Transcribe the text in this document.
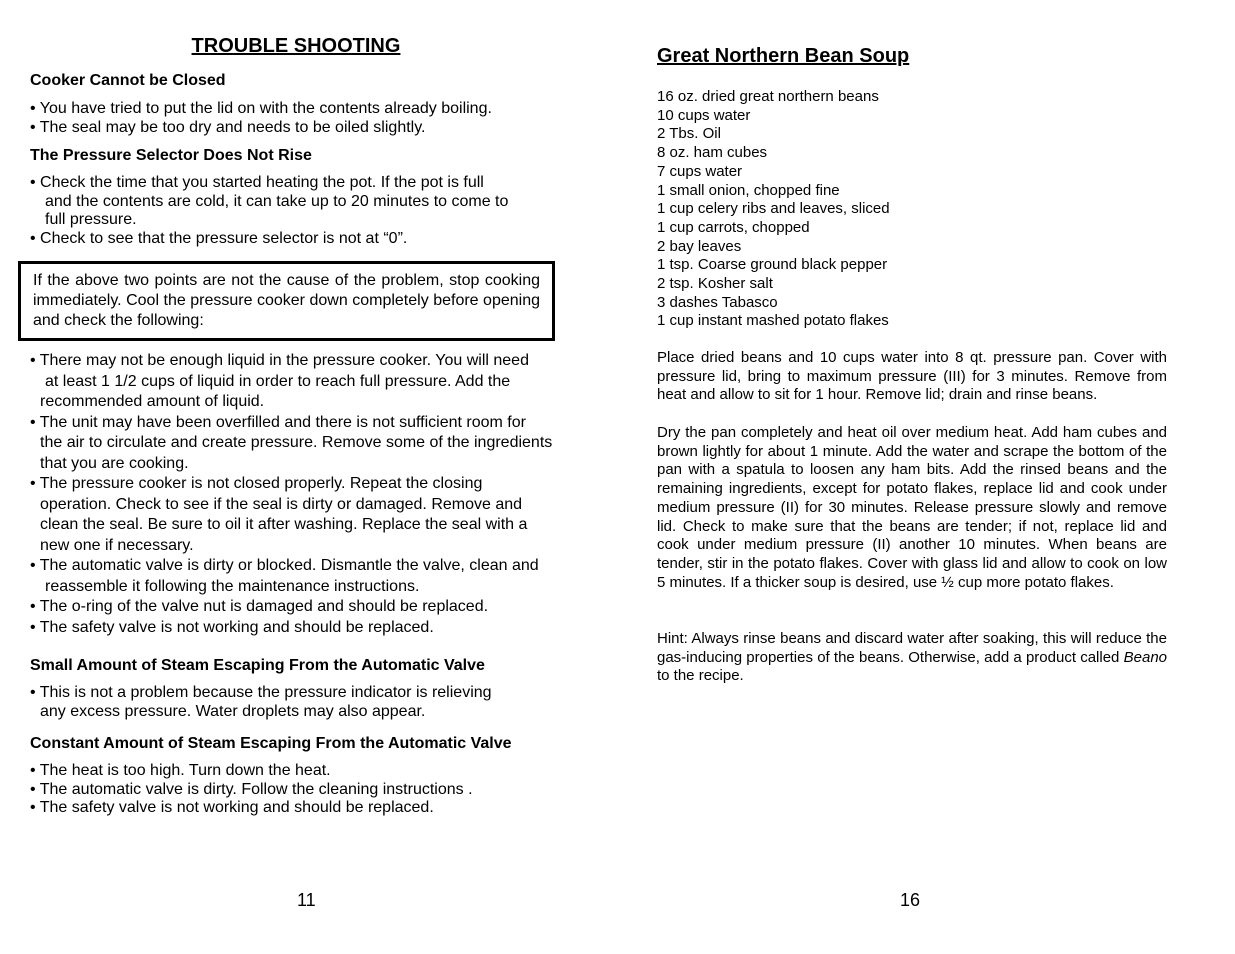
TROUBLE SHOOTING
Cooker Cannot be Closed
• You have tried to put the lid on with the contents already boiling.
• The seal may be too dry and needs to be oiled slightly.
The Pressure Selector Does Not Rise
• Check the time that you started heating the pot. If the pot is full
and the contents are cold, it can take up to 20 minutes to come to
full pressure.
• Check to see that the pressure selector is not at “0”.
If the above two points are not the cause of the problem, stop cooking immediately. Cool the pressure cooker down completely before opening and check the following:
• There may not be enough liquid in the pressure cooker. You will need
at least 1 1/2 cups of liquid in order to reach full pressure. Add the
recommended amount of liquid.
• The unit may have been overfilled and there is not sufficient room for
the air to circulate and create pressure. Remove some of the ingredients
that you are cooking.
• The pressure cooker is not closed properly. Repeat the closing
operation. Check to see if the seal is dirty or damaged. Remove and
clean the seal. Be sure to oil it after washing. Replace the seal with a
new one if necessary.
• The automatic valve is dirty or blocked. Dismantle the valve, clean and
reassemble it following the maintenance instructions.
• The o-ring of the valve nut is damaged and should be replaced.
• The safety valve is not working and should be replaced.
Small Amount of Steam Escaping From the Automatic Valve
• This is not a problem because the pressure indicator is relieving
any excess pressure. Water droplets may also appear.
Constant Amount of Steam Escaping From the Automatic Valve
• The heat is too high. Turn down the heat.
• The automatic valve is dirty. Follow the cleaning instructions .
• The safety valve is not working and should be replaced.
11
Great Northern Bean Soup
16 oz. dried great northern beans
10 cups water
2 Tbs. Oil
8 oz. ham cubes
7 cups water
1 small onion, chopped fine
1 cup celery ribs and leaves, sliced
1 cup carrots, chopped
2 bay leaves
1 tsp. Coarse ground black pepper
2 tsp. Kosher salt
3 dashes Tabasco
1 cup instant mashed potato flakes

Place dried beans and 10 cups water into 8 qt. pressure pan. Cover with pressure lid, bring to maximum pressure (III) for 3 minutes. Remove from heat and allow to sit for 1 hour. Remove lid; drain and rinse beans.

Dry the pan completely and heat oil over medium heat. Add ham cubes and brown lightly for about 1 minute. Add the water and scrape the bottom of the pan with a spatula to loosen any ham bits. Add the rinsed beans and the remaining ingredients, except for potato flakes, replace lid and cook under medium pressure (II) for 30 minutes. Release pressure slowly and remove lid. Check to make sure that the beans are tender; if not, replace lid and cook under medium pressure (II) another 10 minutes. When beans are tender, stir in the potato flakes. Cover with glass lid and allow to cook on low 5 minutes. If a thicker soup is desired, use ½ cup more potato flakes.

Hint: Always rinse beans and discard water after soaking, this will reduce the gas-inducing properties of the beans. Otherwise, add a product called Beano to the recipe.

16
